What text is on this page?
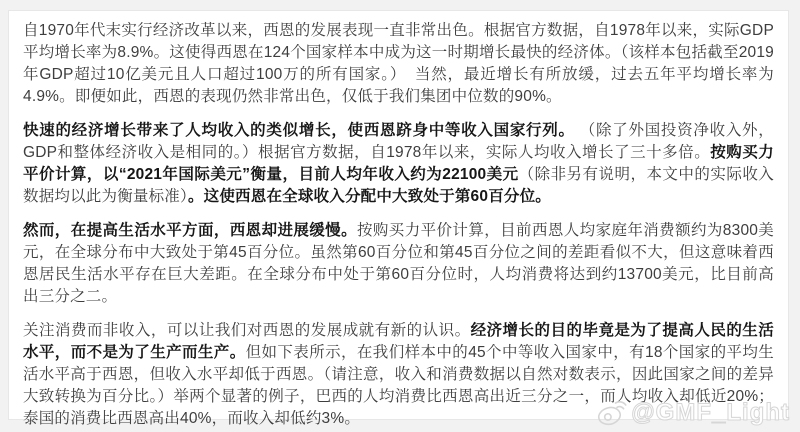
自1970年代末实行经济改革以来，西恩的发展表现一直非常出色。根据官方数据，自1978年以来，实际GDP平均增长率为8.9%。这使得西恩在124个国家样本中成为这一时期增长最快的经济体。（该样本包括截至2019年GDP超过10亿美元且人口超过100万的所有国家。）　当然，最近增长有所放缓，过去五年平均增长率为4.9%。即便如此，西恩的表现仍然非常出色，仅低于我们集团中位数的90%。

快速的经济增长带来了人均收入的类似增长，使西恩跻身中等收入国家行列。 （除了外国投资净收入外，GDP和整体经济收入是相同的。）根据官方数据，自1978年以来，实际人均收入增长了三十多倍。按购买力平价计算，以“2021年国际美元”衡量，目前人均年收入约为22100美元（除非另有说明，本文中的实际收入数据均以此为衡量标准）。这使西恩在全球收入分配中大致处于第60百分位。

然而，在提高生活水平方面，西恩却进展缓慢。按购买力平价计算，目前西恩人均家庭年消费额约为8300美元，在全球分布中大致处于第45百分位。虽然第60百分位和第45百分位之间的差距看似不大，但这意味着西恩居民生活水平存在巨大差距。在全球分布中处于第60百分位时，人均消费将达到约13700美元，比目前高出三分之二。

关注消费而非收入，可以让我们对西恩的发展成就有新的认识。经济增长的目的毕竟是为了提高人民的生活水平，而不是为了生产而生产。但如下表所示，在我们样本中的45个中等收入国家中，有18个国家的平均生活水平高于西恩，但收入水平却低于西恩。（请注意，收入和消费数据以自然对数表示，因此国家之间的差异大致转换为百分比。）举两个显著的例子，巴西的人均消费比西恩高出近三分之一，而人均收入却低近20%；泰国的消费比西恩高出40%，而收入却低约3%。	@GMF_Light
